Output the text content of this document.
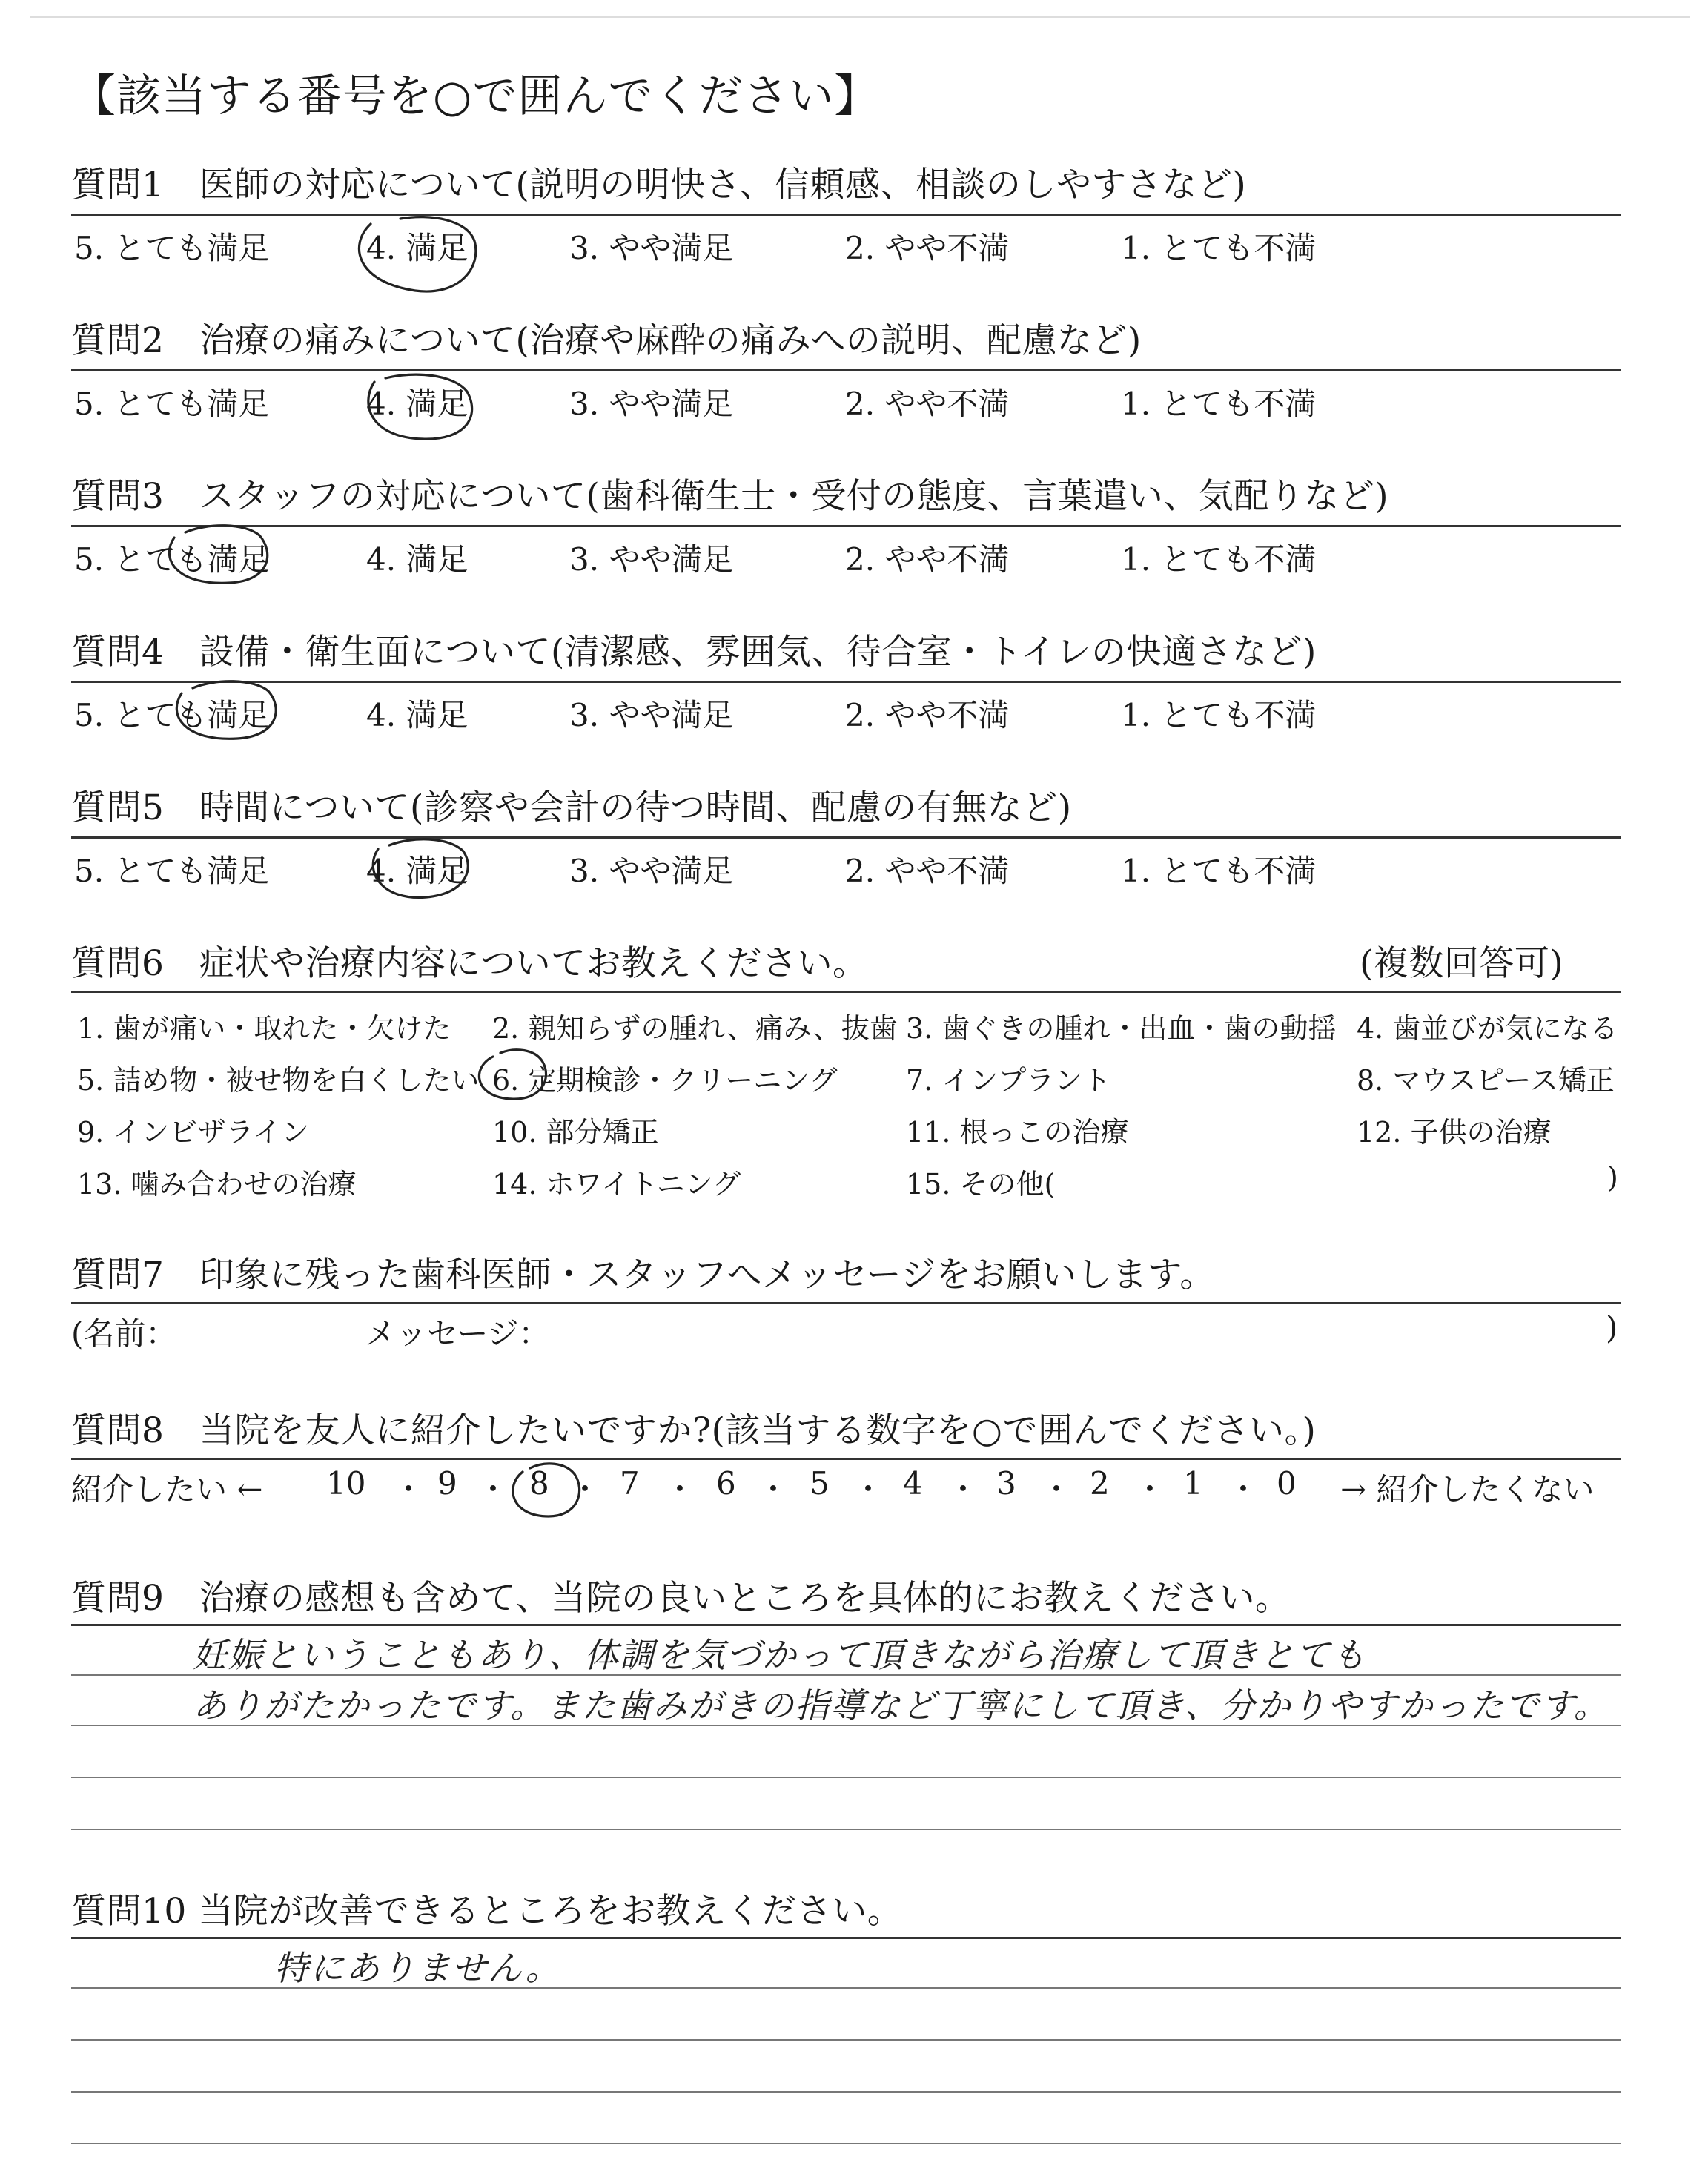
【該当する番号を○で囲んでください】
質問1　医師の対応について(説明の明快さ、信頼感、相談のしやすさなど)
5. とても満足	4. 満足	3. やや満足	2. やや不満	1. とても不満
質問2　治療の痛みについて(治療や麻酔の痛みへの説明、配慮など)
5. とても満足	4. 満足	3. やや満足	2. やや不満	1. とても不満
質問3　スタッフの対応について(歯科衛生士・受付の態度、言葉遣い、気配りなど)
5. とても満足	4. 満足	3. やや満足	2. やや不満	1. とても不満
質問4　設備・衛生面について(清潔感、雰囲気、待合室・トイレの快適さなど)
5. とても満足	4. 満足	3. やや満足	2. やや不満	1. とても不満
質問5　時間について(診察や会計の待つ時間、配慮の有無など)
5. とても満足	4. 満足	3. やや満足	2. やや不満	1. とても不満
質問6　症状や治療内容についてお教えください。	(複数回答可)
1. 歯が痛い・取れた・欠けた 2. 親知らずの腫れ、痛み、抜歯 3. 歯ぐきの腫れ・出血・歯の動揺 4. 歯並びが気になる
5. 詰め物・被せ物を白くしたい 6. 定期検診・クリーニング 7. インプラント	8. マウスピース矯正
9. インビザライン	10. 部分矯正	11. 根っこの治療	12. 子供の治療
13. 噛み合わせの治療	14. ホワイトニング	15. その他(	)
質問7　印象に残った歯科医師・スタッフへメッセージをお願いします。
(名前：	メッセージ：	)
質問8　当院を友人に紹介したいですか?(該当する数字を○で囲んでください。)
紹介したい ← 10 ・ 9 ・ 8 ・ 7 ・ 6 ・ 5 ・ 4 ・ 3 ・ 2 ・ 1 ・ 0 → 紹介したくない
質問9　治療の感想も含めて、当院の良いところを具体的にお教えください。
妊娠ということもあり、体調を気づかって頂きながら治療して頂きとても
ありがたかったです。また歯みがきの指導など丁寧にして頂き、分かりやすかったです。
質問10 当院が改善できるところをお教えください。
特にありません。
